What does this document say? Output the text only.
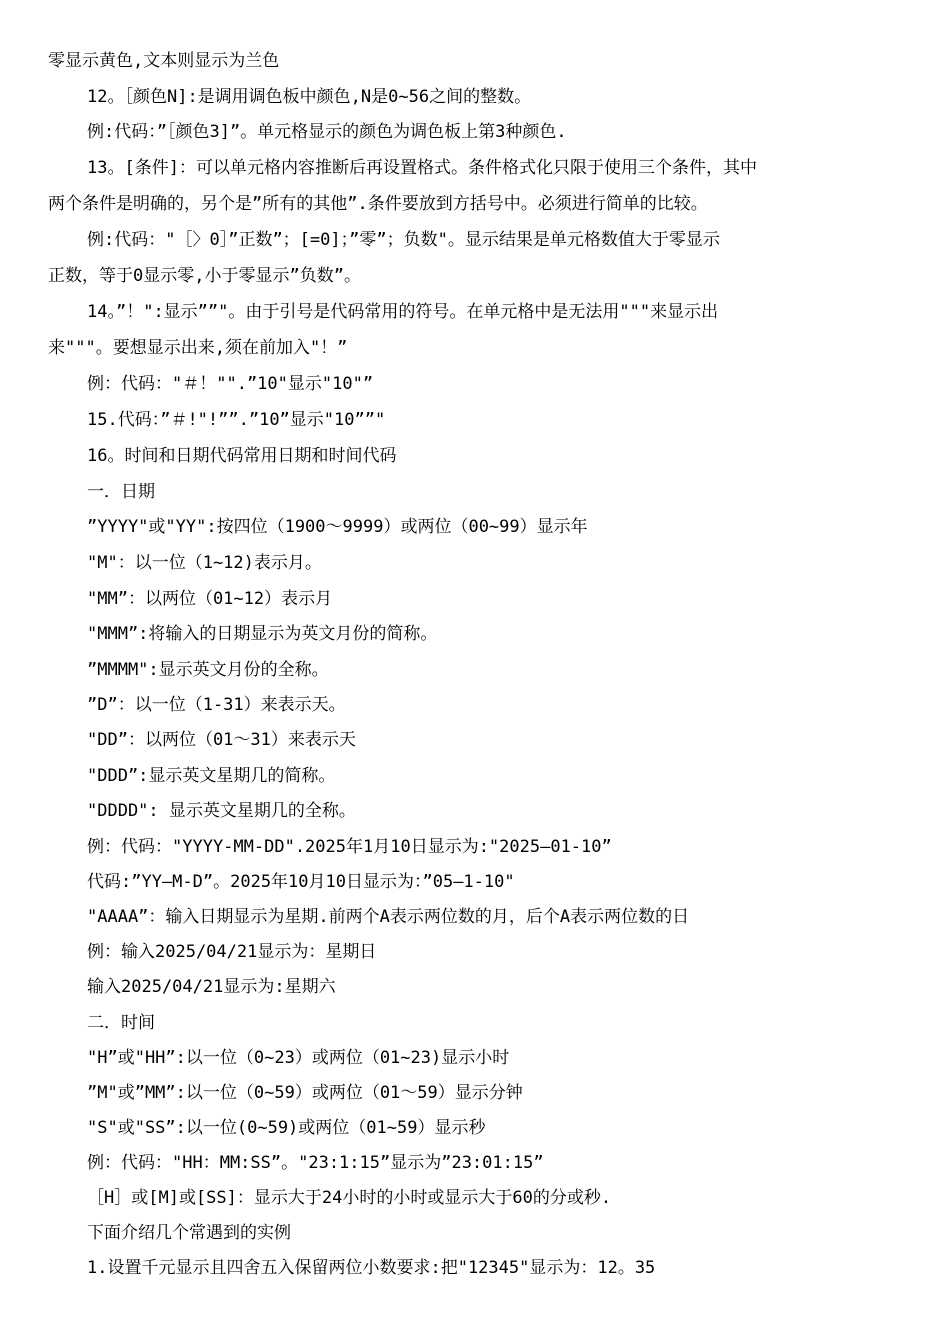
零显示黄色,文本则显示为兰色
12。［颜色N]:是调用调色板中颜色,N是0~56之间的整数。
例:代码：”［颜色3]”。单元格显示的颜色为调色板上第3种颜色.
13。[条件]：可以单元格内容推断后再设置格式。条件格式化只限于使用三个条件，其中
两个条件是明确的，另个是”所有的其他”.条件要放到方括号中。必须进行简单的比较。
例:代码："［〉0］”正数”；[=0]；”零”；负数"。显示结果是单元格数值大于零显示
正数，等于0显示零,小于零显示”负数”。
14。”！":显示””"。由于引号是代码常用的符号。在单元格中是无法用"""来显示出
来"""。要想显示出来,须在前加入"！”
例：代码："＃！"".”10"显示"10"”
15.代码：”＃!"!””.”10”显示"10””"
16。时间和日期代码常用日期和时间代码
一．日期
”YYYY"或"YY":按四位（1900～9999）或两位（00~99）显示年
"M"：以一位（1~12)表示月。
"MM”：以两位（01~12）表示月
"MMM”:将输入的日期显示为英文月份的简称。
”MMMM":显示英文月份的全称。
”D”：以一位（1-31）来表示天。
"DD”：以两位（01～31）来表示天
"DDD”:显示英文星期几的简称。
"DDDD": 显示英文星期几的全称。
例：代码："YYYY-MM-DD".2025年1月10日显示为:"2025—01-10”
代码:”YY—M-D”。2025年10月10日显示为：”05—1-10"
"AAAA”：输入日期显示为星期.前两个A表示两位数的月，后个A表示两位数的日
例：输入2025/04/21显示为：星期日
输入2025/04/21显示为:星期六
二．时间
"H”或"HH”:以一位（0~23）或两位（01~23)显示小时
”M"或”MM”:以一位（0~59）或两位（01～59）显示分钟
"S"或"SS”:以一位(0~59)或两位（01~59）显示秒
例：代码："HH：MM:SS”。"23:1:15”显示为”23:01:15”
［H］或[M]或[SS]：显示大于24小时的小时或显示大于60的分或秒.
下面介绍几个常遇到的实例
1.设置千元显示且四舍五入保留两位小数要求:把"12345"显示为：12。35
